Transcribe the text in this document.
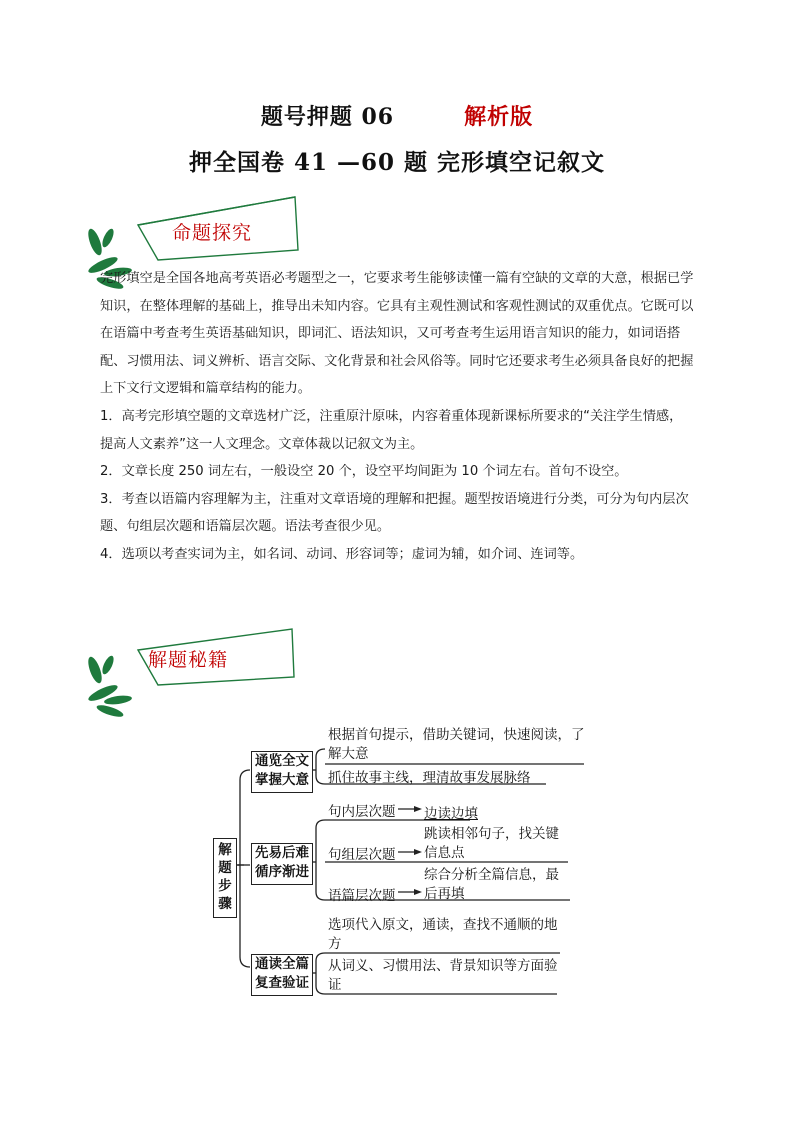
题号押题 06	解析版
押全国卷 41 —60 题 完形填空记叙文
命题探究

完形填空是全国各地高考英语必考题型之一，它要求考生能够读懂一篇有空缺的文章的大意，根据已学知识，在整体理解的基础上，推导出未知内容。它具有主观性测试和客观性测试的双重优点。它既可以在语篇中考查考生英语基础知识，即词汇、语法知识，又可考查考生运用语言知识的能力，如词语搭配、习惯用法、词义辨析、语言交际、文化背景和社会风俗等。同时它还要求考生必须具备良好的把握上下文行文逻辑和篇章结构的能力。

1．高考完形填空题的文章选材广泛，注重原汁原味，内容着重体现新课标所要求的“关注学生情感，提高人文素养”这一人文理念。文章体裁以记叙文为主。

2．文章长度 250 词左右，一般设空 20 个，设空平均间距为 10 个词左右。首句不设空。

3．考查以语篇内容理解为主，注重对文章语境的理解和把握。题型按语境进行分类，可分为句内层次题、句组层次题和语篇层次题。语法考查很少见。

4．选项以考查实词为主，如名词、动词、形容词等；虚词为辅，如介词、连词等。

解题秘籍
解题步骤
通览全文掌握大意
先易后难循序渐进
通读全篇复查验证
根据首句提示，借助关键词，快速阅读，了解大意
抓住故事主线，理清故事发展脉络
句内层次题 边读边填
句组层次题
跳读相邻句子，找关键信息点
语篇层次题
综合分析全篇信息，最后再填
选项代入原文，通读，查找不通顺的地方
从词义、习惯用法、背景知识等方面验证
